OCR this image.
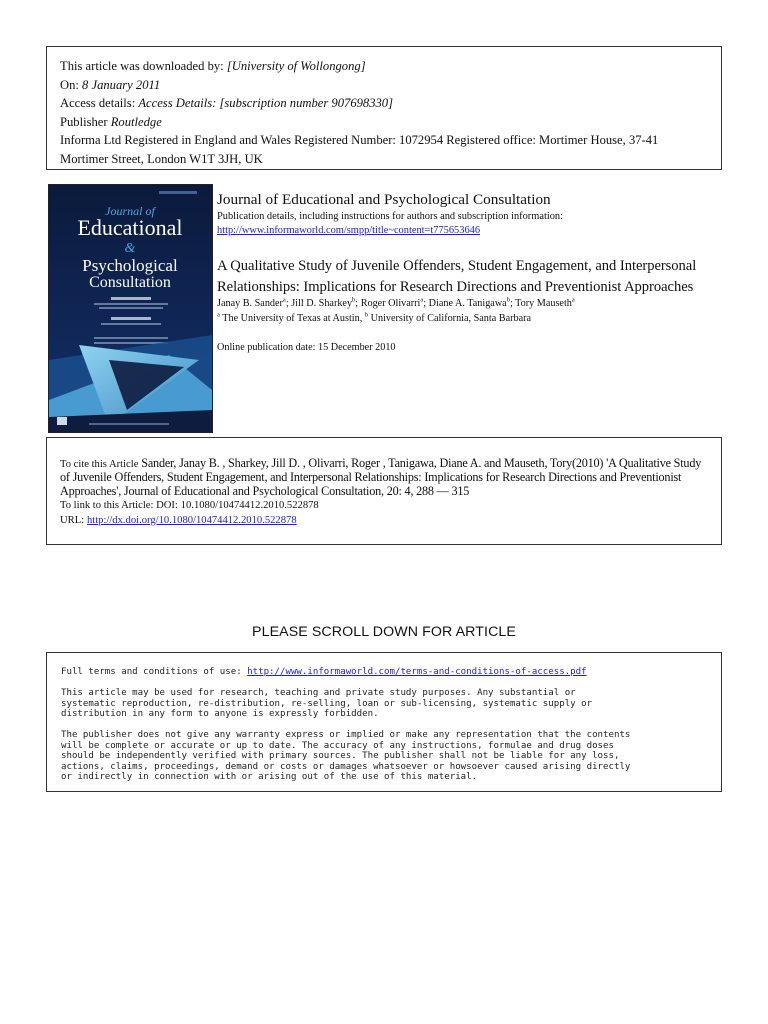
This article was downloaded by: [University of Wollongong]
On: 8 January 2011
Access details: Access Details: [subscription number 907698330]
Publisher Routledge
Informa Ltd Registered in England and Wales Registered Number: 1072954 Registered office: Mortimer House, 37-41 Mortimer Street, London W1T 3JH, UK
Journal of
Educational
&
Psychological
Consultation
Journal of Educational and Psychological Consultation
Publication details, including instructions for authors and subscription information:
http://www.informaworld.com/smpp/title~content=t775653646
A Qualitative Study of Juvenile Offenders, Student Engagement, and Interpersonal Relationships: Implications for Research Directions and Preventionist Approaches
Janay B. Sander$^a$; Jill D. Sharkey$^b$; Roger Olivarri$^a$; Diane A. Tanigawa$^b$; Tory Mauseth$^a$
$^a$ The University of Texas at Austin, $^b$ University of California, Santa Barbara
Online publication date: 15 December 2010
To cite this Article Sander, Janay B. , Sharkey, Jill D. , Olivarri, Roger , Tanigawa, Diane A. and Mauseth, Tory(2010) 'A Qualitative Study of Juvenile Offenders, Student Engagement, and Interpersonal Relationships: Implications for Research Directions and Preventionist Approaches', Journal of Educational and Psychological Consultation, 20: 4, 288 — 315
To link to this Article: DOI: 10.1080/10474412.2010.522878
URL: http://dx.doi.org/10.1080/10474412.2010.522878
PLEASE SCROLL DOWN FOR ARTICLE

Full terms and conditions of use: http://www.informaworld.com/terms-and-conditions-of-access.pdf

This article may be used for research, teaching and private study purposes. Any substantial or
systematic reproduction, re-distribution, re-selling, loan or sub-licensing, systematic supply or
distribution in any form to anyone is expressly forbidden.

The publisher does not give any warranty express or implied or make any representation that the contents
will be complete or accurate or up to date. The accuracy of any instructions, formulae and drug doses
should be independently verified with primary sources. The publisher shall not be liable for any loss,
actions, claims, proceedings, demand or costs or damages whatsoever or howsoever caused arising directly
or indirectly in connection with or arising out of the use of this material.
